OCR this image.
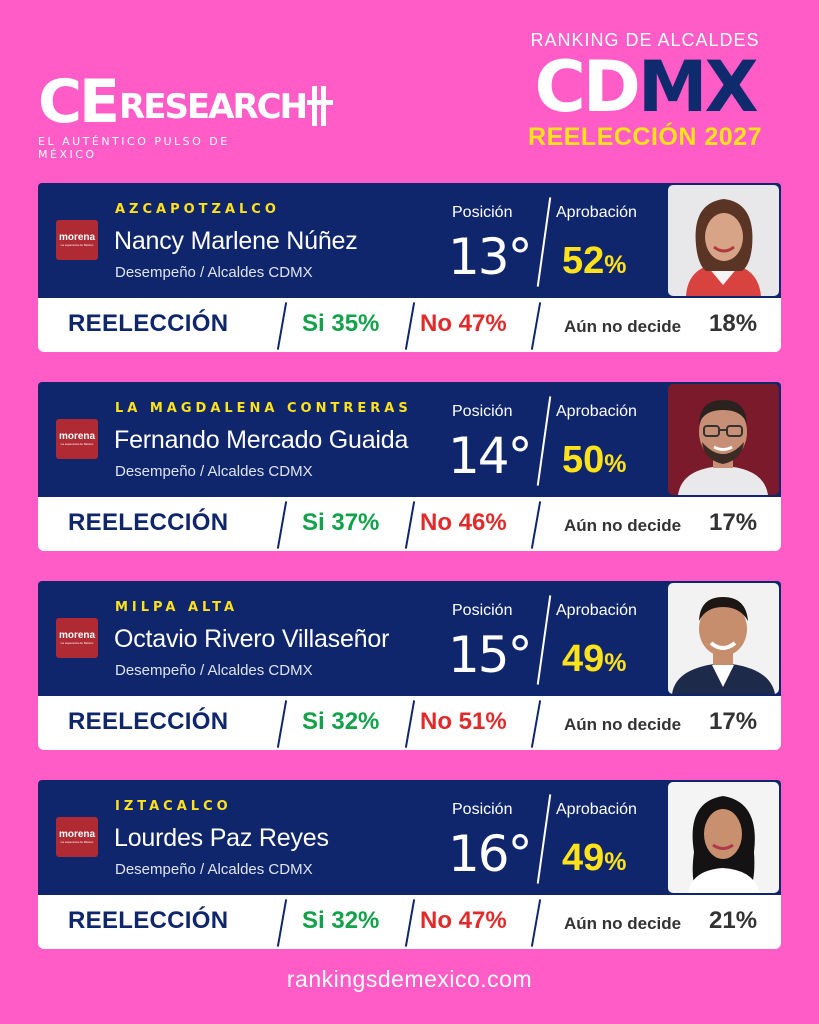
CE RESEARCH
EL AUTÉNTICO PULSO DE MÉXICO
RANKING DE ALCALDES
CDMX
REELECCIÓN 2027
morena
La esperanza de México
AZCAPOTZALCO
Nancy Marlene Núñez
Desempeño / Alcaldes CDMX
Posición
13°
Aprobación
52%
REELECCIÓN	Si 35% No 47%	Aún no decide 18%
morena
La esperanza de México
LA MAGDALENA CONTRERAS
Fernando Mercado Guaida
Desempeño / Alcaldes CDMX
Posición
14°
Aprobación
50%
REELECCIÓN	Si 37% No 46%	Aún no decide 17%
morena
La esperanza de México
MILPA ALTA
Octavio Rivero Villaseñor
Desempeño / Alcaldes CDMX
Posición
15°
Aprobación
49%
REELECCIÓN	Si 32% No 51%	Aún no decide 17%
morena
La esperanza de México
IZTACALCO
Lourdes Paz Reyes
Desempeño / Alcaldes CDMX
Posición
16°
Aprobación
49%
REELECCIÓN	Si 32% No 47%	Aún no decide 21%
rankingsdemexico.com
